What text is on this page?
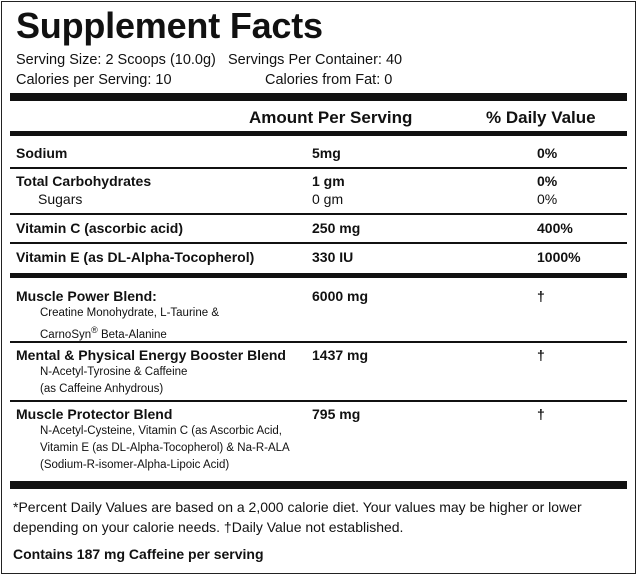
Supplement Facts
Serving Size: 2 Scoops (10.0g) Servings Per Container: 40
Calories per Serving: 10	Calories from Fat: 0
Amount Per Serving	% Daily Value
Sodium	5mg	0%
Total Carbohydrates	1 gm	0%
Sugars	0 gm	0%
Vitamin C (ascorbic acid)	250 mg	400%
Vitamin E (as DL-Alpha-Tocopherol)	330 IU	1000%
Muscle Power Blend:	6000 mg	†
Creatine Monohydrate, L-Taurine &
CarnoSyn® Beta-Alanine
Mental & Physical Energy Booster Blend 1437 mg	†
N-Acetyl-Tyrosine & Caffeine
(as Caffeine Anhydrous)
Muscle Protector Blend	795 mg	†
N-Acetyl-Cysteine, Vitamin C (as Ascorbic Acid,
Vitamin E (as DL-Alpha-Tocopherol) & Na-R-ALA
(Sodium-R-isomer-Alpha-Lipoic Acid)
*Percent Daily Values are based on a 2,000 calorie diet. Your values may be higher or lower
depending on your calorie needs. †Daily Value not established.
Contains 187 mg Caffeine per serving
